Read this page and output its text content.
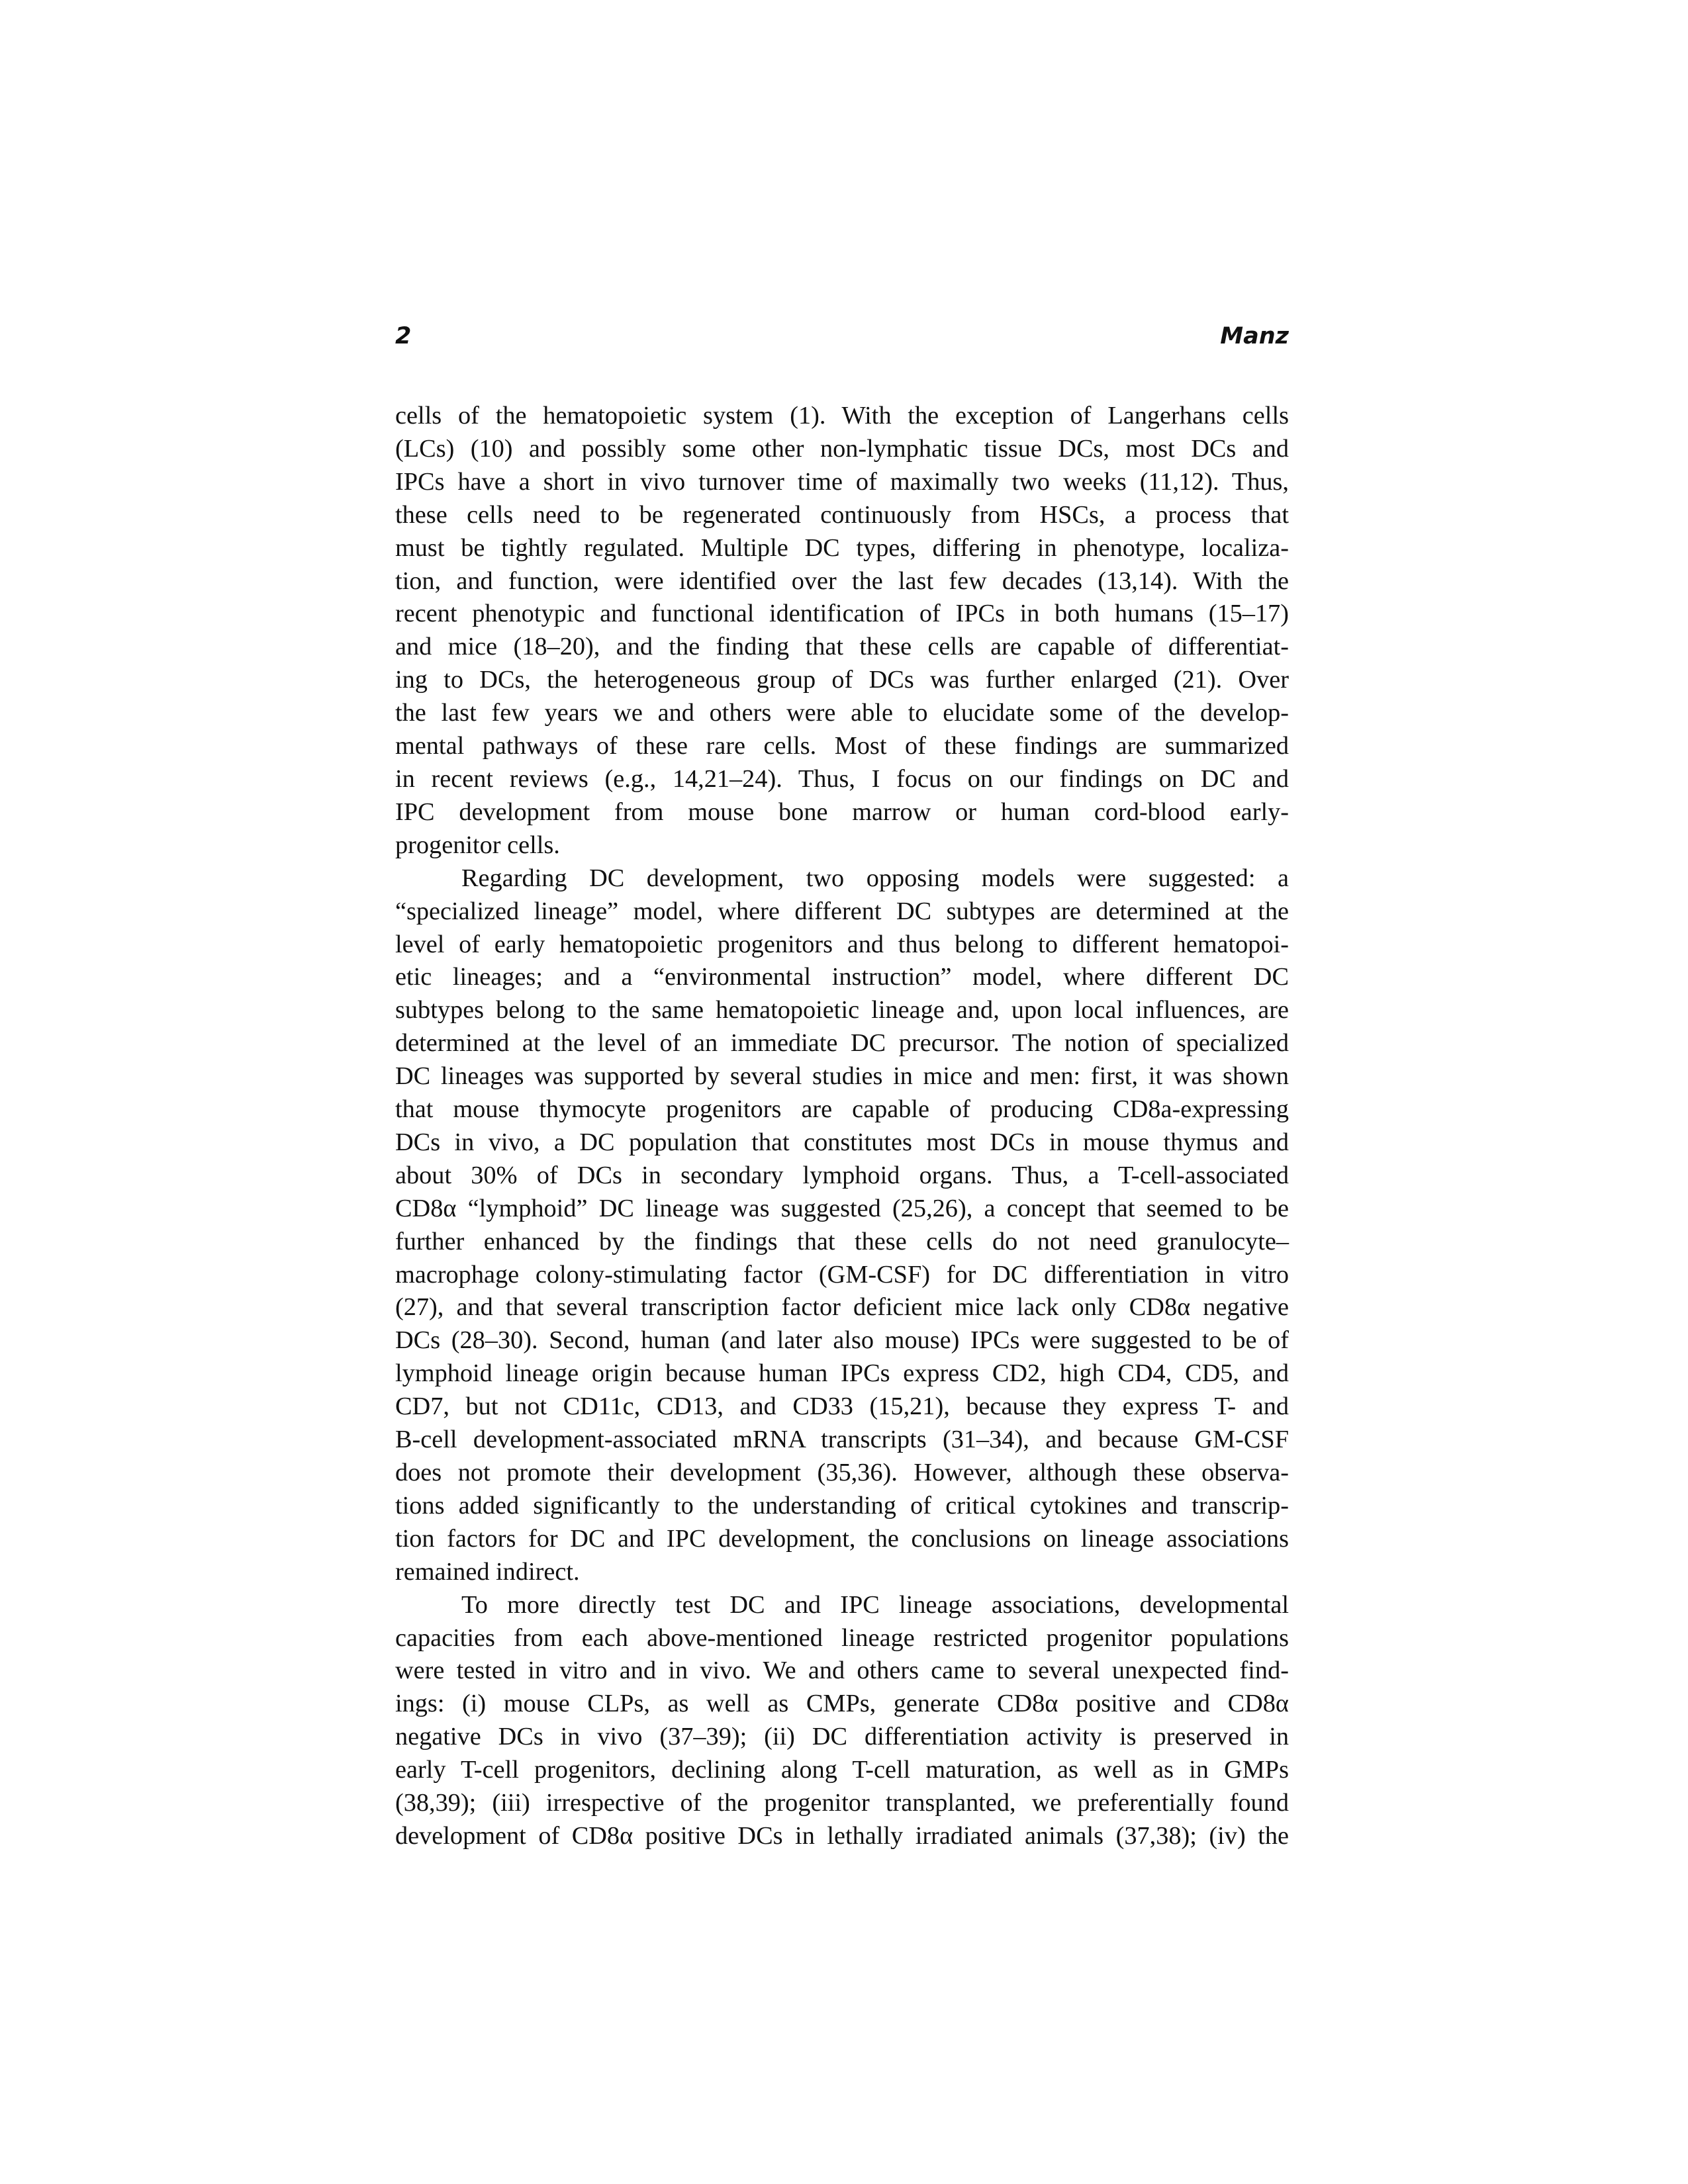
2	Manz

cells of the hematopoietic system (1). With the exception of Langerhans cells
(LCs) (10) and possibly some other non-lymphatic tissue DCs, most DCs and
IPCs have a short in vivo turnover time of maximally two weeks (11,12). Thus,
these cells need to be regenerated continuously from HSCs, a process that
must be tightly regulated. Multiple DC types, differing in phenotype, localiza-
tion, and function, were identified over the last few decades (13,14). With the
recent phenotypic and functional identification of IPCs in both humans (15–17)
and mice (18–20), and the finding that these cells are capable of differentiat-
ing to DCs, the heterogeneous group of DCs was further enlarged (21). Over
the last few years we and others were able to elucidate some of the develop-
mental pathways of these rare cells. Most of these findings are summarized
in recent reviews (e.g., 14,21–24). Thus, I focus on our findings on DC and
IPC development from mouse bone marrow or human cord-blood early-
progenitor cells.

Regarding DC development, two opposing models were suggested: a
“specialized lineage” model, where different DC subtypes are determined at the
level of early hematopoietic progenitors and thus belong to different hematopoi-
etic lineages; and a “environmental instruction” model, where different DC
subtypes belong to the same hematopoietic lineage and, upon local influences, are
determined at the level of an immediate DC precursor. The notion of specialized
DC lineages was supported by several studies in mice and men: first, it was shown
that mouse thymocyte progenitors are capable of producing CD8a-expressing
DCs in vivo, a DC population that constitutes most DCs in mouse thymus and
about 30% of DCs in secondary lymphoid organs. Thus, a T-cell-associated
CD8α “lymphoid” DC lineage was suggested (25,26), a concept that seemed to be
further enhanced by the findings that these cells do not need granulocyte–
macrophage colony-stimulating factor (GM-CSF) for DC differentiation in vitro
(27), and that several transcription factor deficient mice lack only CD8α negative
DCs (28–30). Second, human (and later also mouse) IPCs were suggested to be of
lymphoid lineage origin because human IPCs express CD2, high CD4, CD5, and
CD7, but not CD11c, CD13, and CD33 (15,21), because they express T- and
B-cell development-associated mRNA transcripts (31–34), and because GM-CSF
does not promote their development (35,36). However, although these observa-
tions added significantly to the understanding of critical cytokines and transcrip-
tion factors for DC and IPC development, the conclusions on lineage associations
remained indirect.

To more directly test DC and IPC lineage associations, developmental
capacities from each above-mentioned lineage restricted progenitor populations
were tested in vitro and in vivo. We and others came to several unexpected find-
ings: (i) mouse CLPs, as well as CMPs, generate CD8α positive and CD8α
negative DCs in vivo (37–39); (ii) DC differentiation activity is preserved in
early T-cell progenitors, declining along T-cell maturation, as well as in GMPs
(38,39); (iii) irrespective of the progenitor transplanted, we preferentially found
development of CD8α positive DCs in lethally irradiated animals (37,38); (iv) the
